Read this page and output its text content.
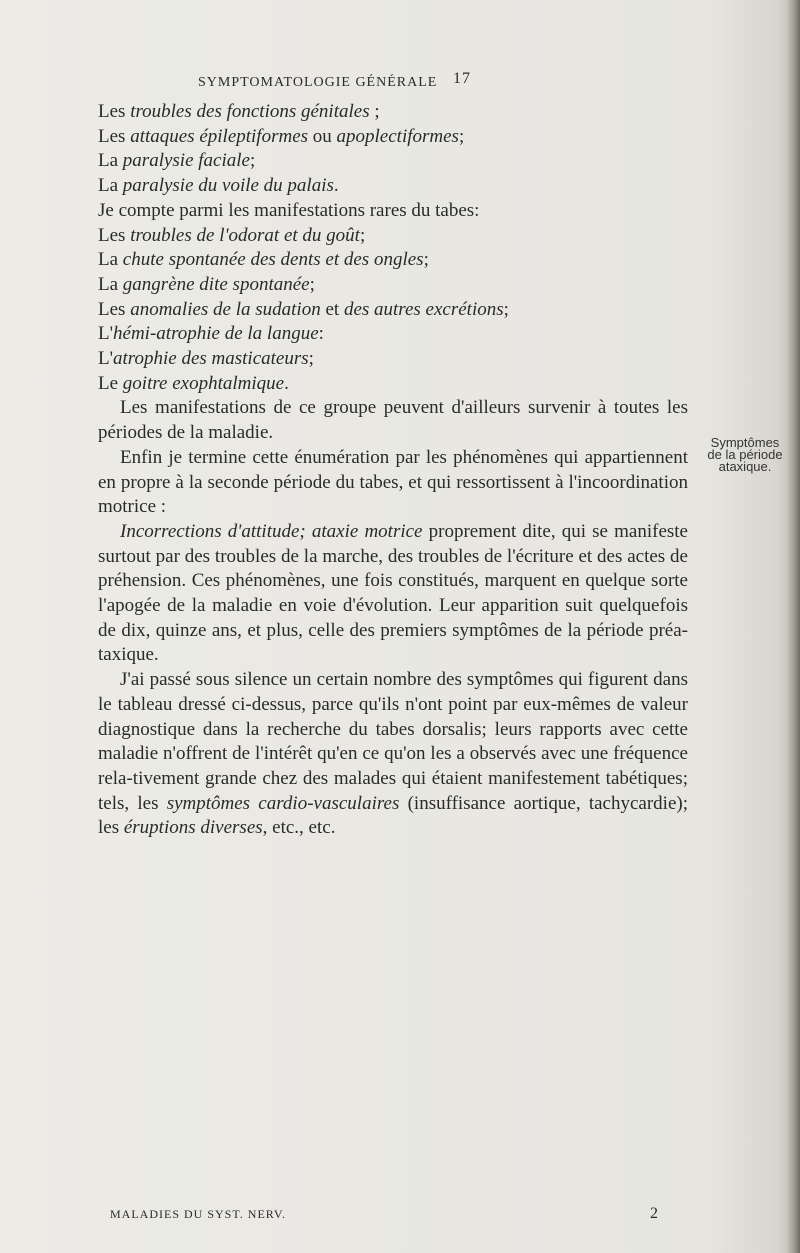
SYMPTOMATOLOGIE GÉNÉRALE 17

Les troubles des fonctions génitales ;

Les attaques épileptiformes ou apoplectiformes;

La paralysie faciale;

La paralysie du voile du palais.

Je compte parmi les manifestations rares du tabes:

Les troubles de l'odorat et du goût;

La chute spontanée des dents et des ongles;

La gangrène dite spontanée;

Les anomalies de la sudation et des autres excrétions;

L'hémi-atrophie de la langue:

L'atrophie des masticateurs;

Le goitre exophtalmique.

Les manifestations de ce groupe peuvent d'ailleurs survenir à toutes les périodes de la maladie.

Enfin je termine cette énumération par les phénomènes qui appartiennent en propre à la seconde période du tabes, et qui ressortissent à l'incoordination motrice :

Incorrections d'attitude; ataxie motrice proprement dite, qui se manifeste surtout par des troubles de la marche, des troubles de l'écriture et des actes de préhension. Ces phénomènes, une fois constitués, marquent en quelque sorte l'apogée de la maladie en voie d'évolution. Leur apparition suit quelquefois de dix, quinze ans, et plus, celle des premiers symptômes de la période préa-taxique.

J'ai passé sous silence un certain nombre des symptômes qui figurent dans le tableau dressé ci-dessus, parce qu'ils n'ont point par eux-mêmes de valeur diagnostique dans la recherche du tabes dorsalis; leurs rapports avec cette maladie n'offrent de l'intérêt qu'en ce qu'on les a observés avec une fréquence rela-tivement grande chez des malades qui étaient manifestement tabétiques; tels, les symptômes cardio-vasculaires (insuffisance aortique, tachycardie); les éruptions diverses, etc., etc.

Symptômes
de la période
ataxique.
MALADIES DU SYST. NERV.	2
